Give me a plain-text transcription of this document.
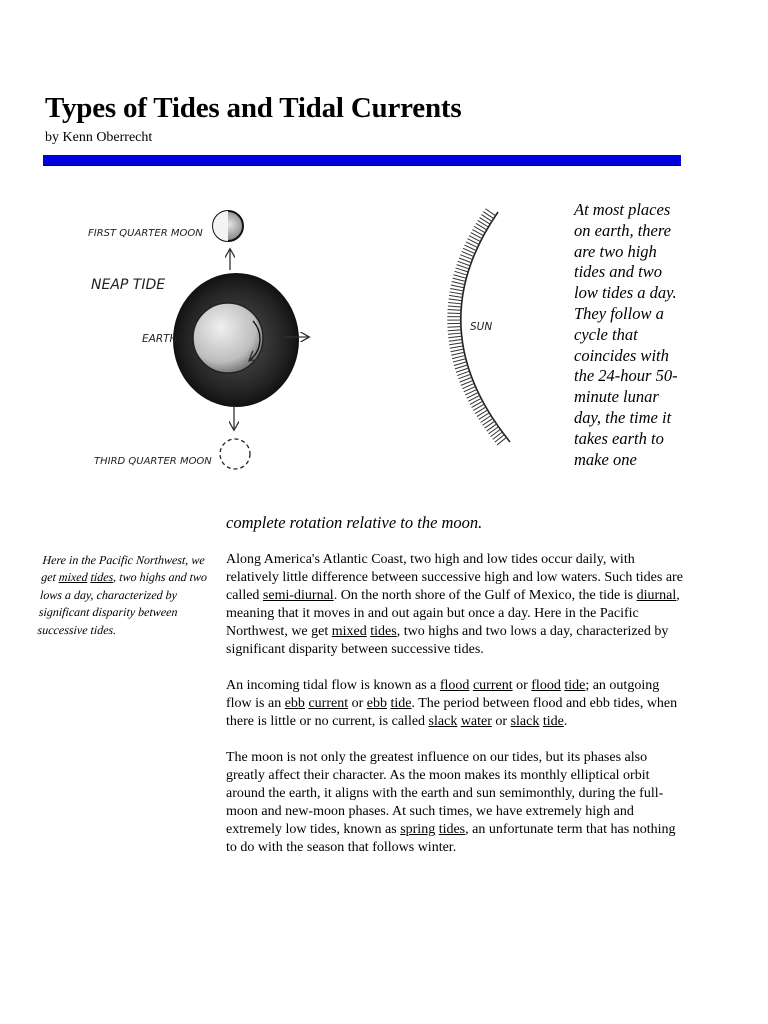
Types of Tides and Tidal Currents
by Kenn Oberrecht
FIRST QUARTER MOON
NEAP TIDE
EARTH
THIRD QUARTER MOON
SUN
At most places on earth, there are two high tides and two low tides a day. They follow a cycle that coincides with the 24-hour 50-minute lunar day, the time it takes earth to make one
complete rotation relative to the moon.
Here in the Pacific Northwest, we get mixed tides, two highs and two lows a day, characterized by significant disparity between successive tides.

Along America's Atlantic Coast, two high and low tides occur daily, with relatively little difference between successive high and low waters. Such tides are called semi-diurnal. On the north shore of the Gulf of Mexico, the tide is diurnal, meaning that it moves in and out again but once a day. Here in the Pacific Northwest, we get mixed tides, two highs and two lows a day, characterized by significant disparity between successive tides.

An incoming tidal flow is known as a flood current or flood tide; an outgoing flow is an ebb current or ebb tide. The period between flood and ebb tides, when there is little or no current, is called slack water or slack tide.

The moon is not only the greatest influence on our tides, but its phases also greatly affect their character. As the moon makes its monthly elliptical orbit around the earth, it aligns with the earth and sun semimonthly, during the full-moon and new-moon phases. At such times, we have extremely high and extremely low tides, known as spring tides, an unfortunate term that has nothing to do with the season that follows winter.
